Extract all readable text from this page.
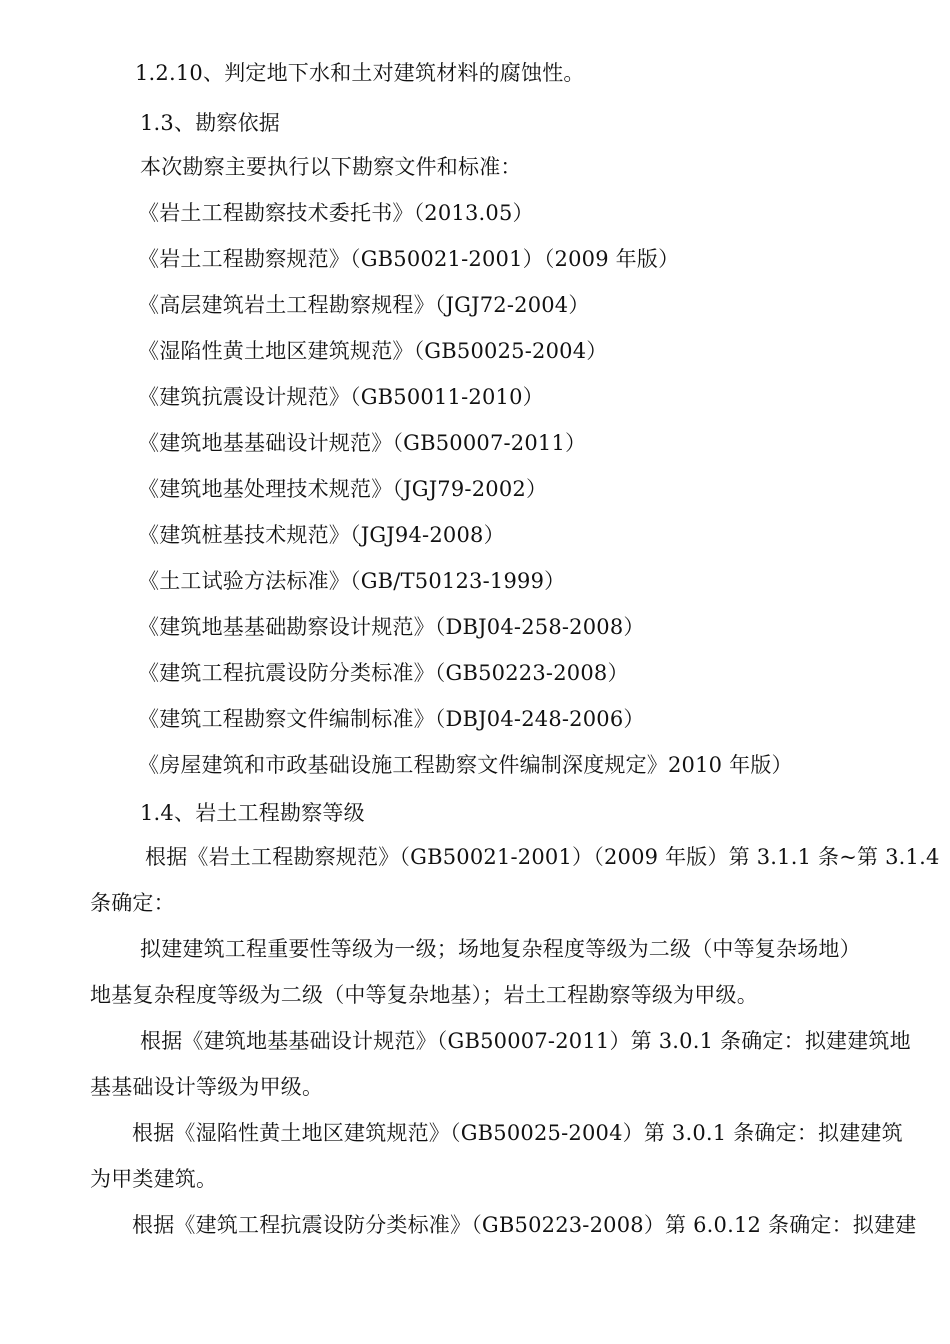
1.2.10、判定地下水和土对建筑材料的腐蚀性。
1.3、勘察依据
本次勘察主要执行以下勘察文件和标准：
《岩土工程勘察技术委托书》（2013.05）
《岩土工程勘察规范》（GB50021-2001）（2009 年版）
《高层建筑岩土工程勘察规程》（JGJ72-2004）
《湿陷性黄土地区建筑规范》（GB50025-2004）
《建筑抗震设计规范》（GB50011-2010）
《建筑地基基础设计规范》（GB50007-2011）
《建筑地基处理技术规范》（JGJ79-2002）
《建筑桩基技术规范》（JGJ94-2008）
《土工试验方法标准》（GB/T50123-1999）
《建筑地基基础勘察设计规范》（DBJ04-258-2008）
《建筑工程抗震设防分类标准》（GB50223-2008）
《建筑工程勘察文件编制标准》（DBJ04-248-2006）
《房屋建筑和市政基础设施工程勘察文件编制深度规定》2010 年版）
1.4、岩土工程勘察等级
根据《岩土工程勘察规范》（GB50021-2001）（2009 年版）第 3.1.1 条~第 3.1.4
条确定：
拟建建筑工程重要性等级为一级；场地复杂程度等级为二级（中等复杂场地）
地基复杂程度等级为二级（中等复杂地基）；岩土工程勘察等级为甲级。
根据《建筑地基基础设计规范》（GB50007-2011）第 3.0.1 条确定：拟建建筑地
基基础设计等级为甲级。
根据《湿陷性黄土地区建筑规范》（GB50025-2004）第 3.0.1 条确定：拟建建筑
为甲类建筑。
根据《建筑工程抗震设防分类标准》（GB50223-2008）第 6.0.12 条确定：拟建建
